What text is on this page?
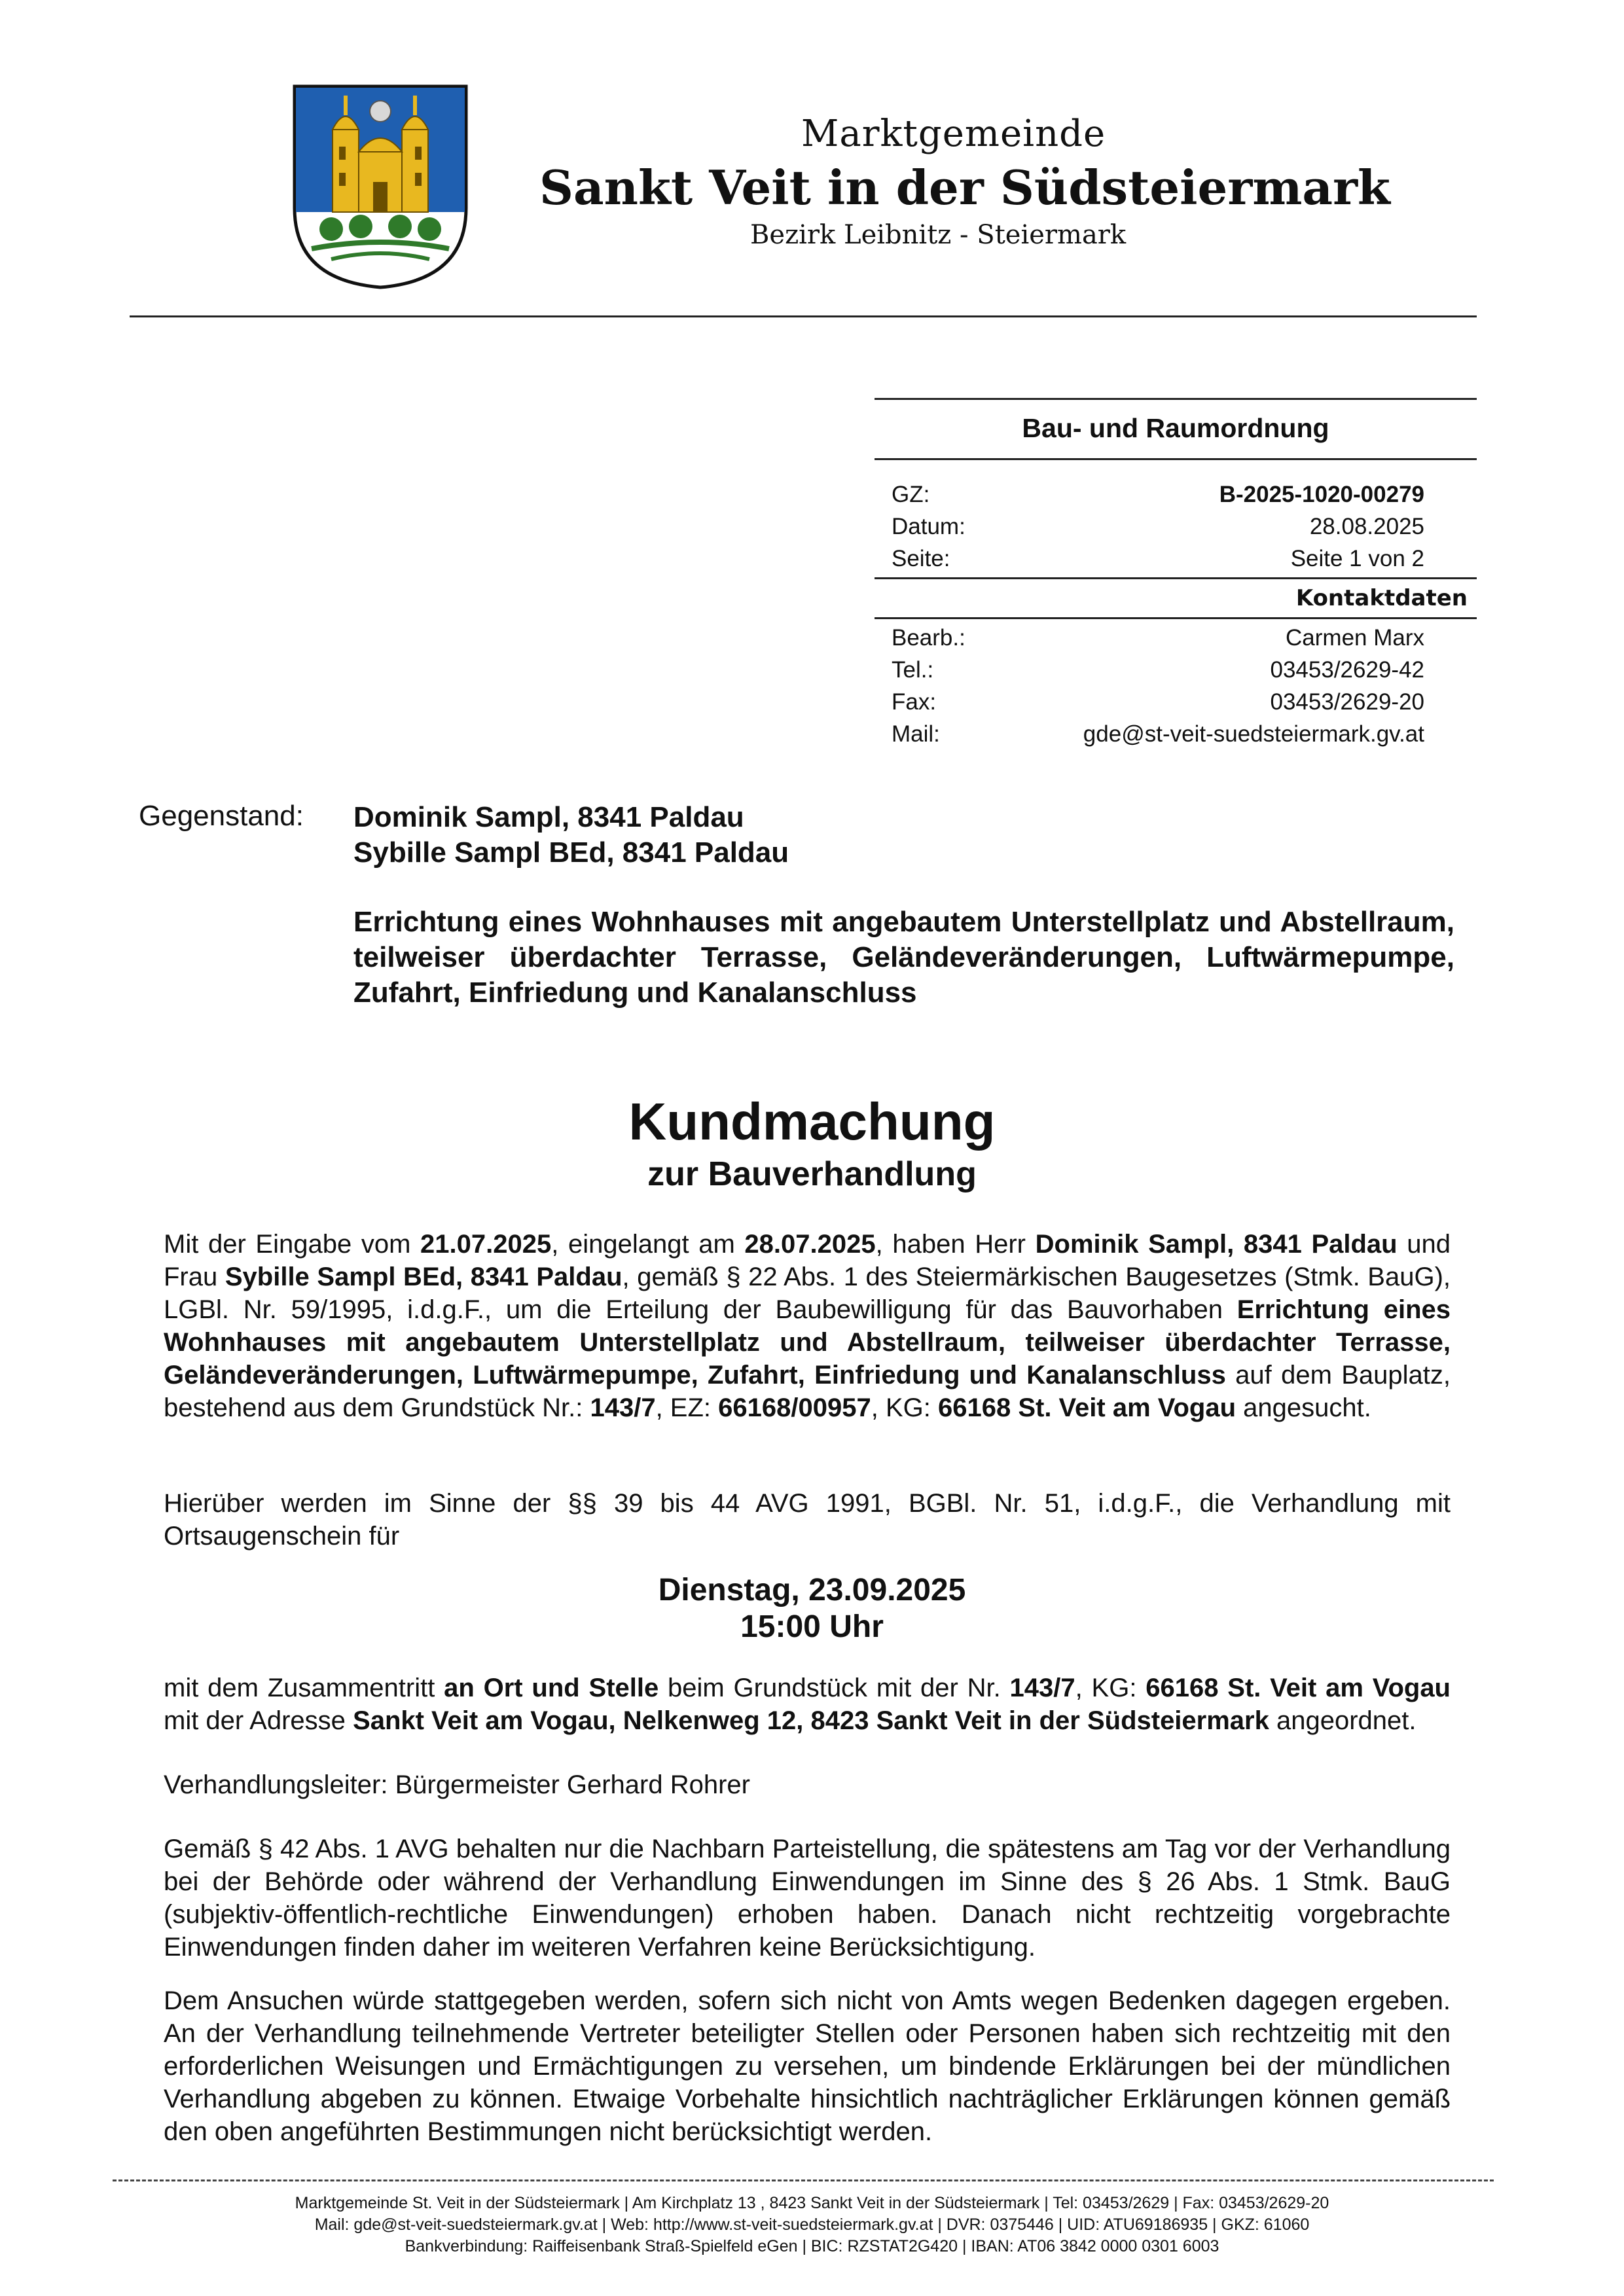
Marktgemeinde
Sankt Veit in der Südsteiermark
Bezirk Leibnitz - Steiermark
Bau- und Raumordnung
GZ:	B-2025-1020-00279
Datum:	28.08.2025
Seite:	Seite 1 von 2
Kontaktdaten
Bearb.:	Carmen Marx
Tel.:	03453/2629-42
Fax:	03453/2629-20
Mail:	gde@st-veit-suedsteiermark.gv.at
Gegenstand: Dominik Sampl, 8341 Paldau
Sybille Sampl BEd, 8341 Paldau
Errichtung eines Wohnhauses mit angebautem Unterstellplatz und Abstellraum, teilweiser überdachter Terrasse, Geländeveränderungen, Luftwärmepumpe, Zufahrt, Einfriedung und Kanalanschluss
Kundmachung
zur Bauverhandlung
Mit der Eingabe vom 21.07.2025, eingelangt am 28.07.2025, haben Herr Dominik Sampl, 8341 Paldau und Frau Sybille Sampl BEd, 8341 Paldau, gemäß § 22 Abs. 1 des Steiermärkischen Baugesetzes (Stmk. BauG), LGBl. Nr. 59/1995, i.d.g.F., um die Erteilung der Baubewilligung für das Bauvorhaben Errichtung eines Wohnhauses mit angebautem Unterstellplatz und Abstellraum, teilweiser überdachter Terrasse, Geländeveränderungen, Luftwärmepumpe, Zufahrt, Einfriedung und Kanalanschluss auf dem Bauplatz, bestehend aus dem Grundstück Nr.: 143/7, EZ: 66168/00957, KG: 66168 St. Veit am Vogau angesucht.
Hierüber werden im Sinne der §§ 39 bis 44 AVG 1991, BGBl. Nr. 51, i.d.g.F., die Verhandlung mit Ortsaugenschein für
Dienstag, 23.09.2025
15:00 Uhr
mit dem Zusammentritt an Ort und Stelle beim Grundstück mit der Nr. 143/7, KG: 66168 St. Veit am Vogau mit der Adresse Sankt Veit am Vogau, Nelkenweg 12, 8423 Sankt Veit in der Südsteiermark angeordnet.
Verhandlungsleiter: Bürgermeister Gerhard Rohrer
Gemäß § 42 Abs. 1 AVG behalten nur die Nachbarn Parteistellung, die spätestens am Tag vor der Verhandlung bei der Behörde oder während der Verhandlung Einwendungen im Sinne des § 26 Abs. 1 Stmk. BauG (subjektiv-öffentlich-rechtliche Einwendungen) erhoben haben. Danach nicht rechtzeitig vorgebrachte Einwendungen finden daher im weiteren Verfahren keine Berücksichtigung.
Dem Ansuchen würde stattgegeben werden, sofern sich nicht von Amts wegen Bedenken dagegen ergeben. An der Verhandlung teilnehmende Vertreter beteiligter Stellen oder Personen haben sich rechtzeitig mit den erforderlichen Weisungen und Ermächtigungen zu versehen, um bindende Erklärungen bei der mündlichen Verhandlung abgeben zu können. Etwaige Vorbehalte hinsichtlich nachträglicher Erklärungen können gemäß den oben angeführten Bestimmungen nicht berücksichtigt werden.
Marktgemeinde St. Veit in der Südsteiermark | Am Kirchplatz 13 , 8423 Sankt Veit in der Südsteiermark | Tel: 03453/2629 | Fax: 03453/2629-20
Mail: gde@st-veit-suedsteiermark.gv.at | Web: http://www.st-veit-suedsteiermark.gv.at | DVR: 0375446 | UID: ATU69186935 | GKZ: 61060
Bankverbindung: Raiffeisenbank Straß-Spielfeld eGen | BIC: RZSTAT2G420 | IBAN: AT06 3842 0000 0301 6003
